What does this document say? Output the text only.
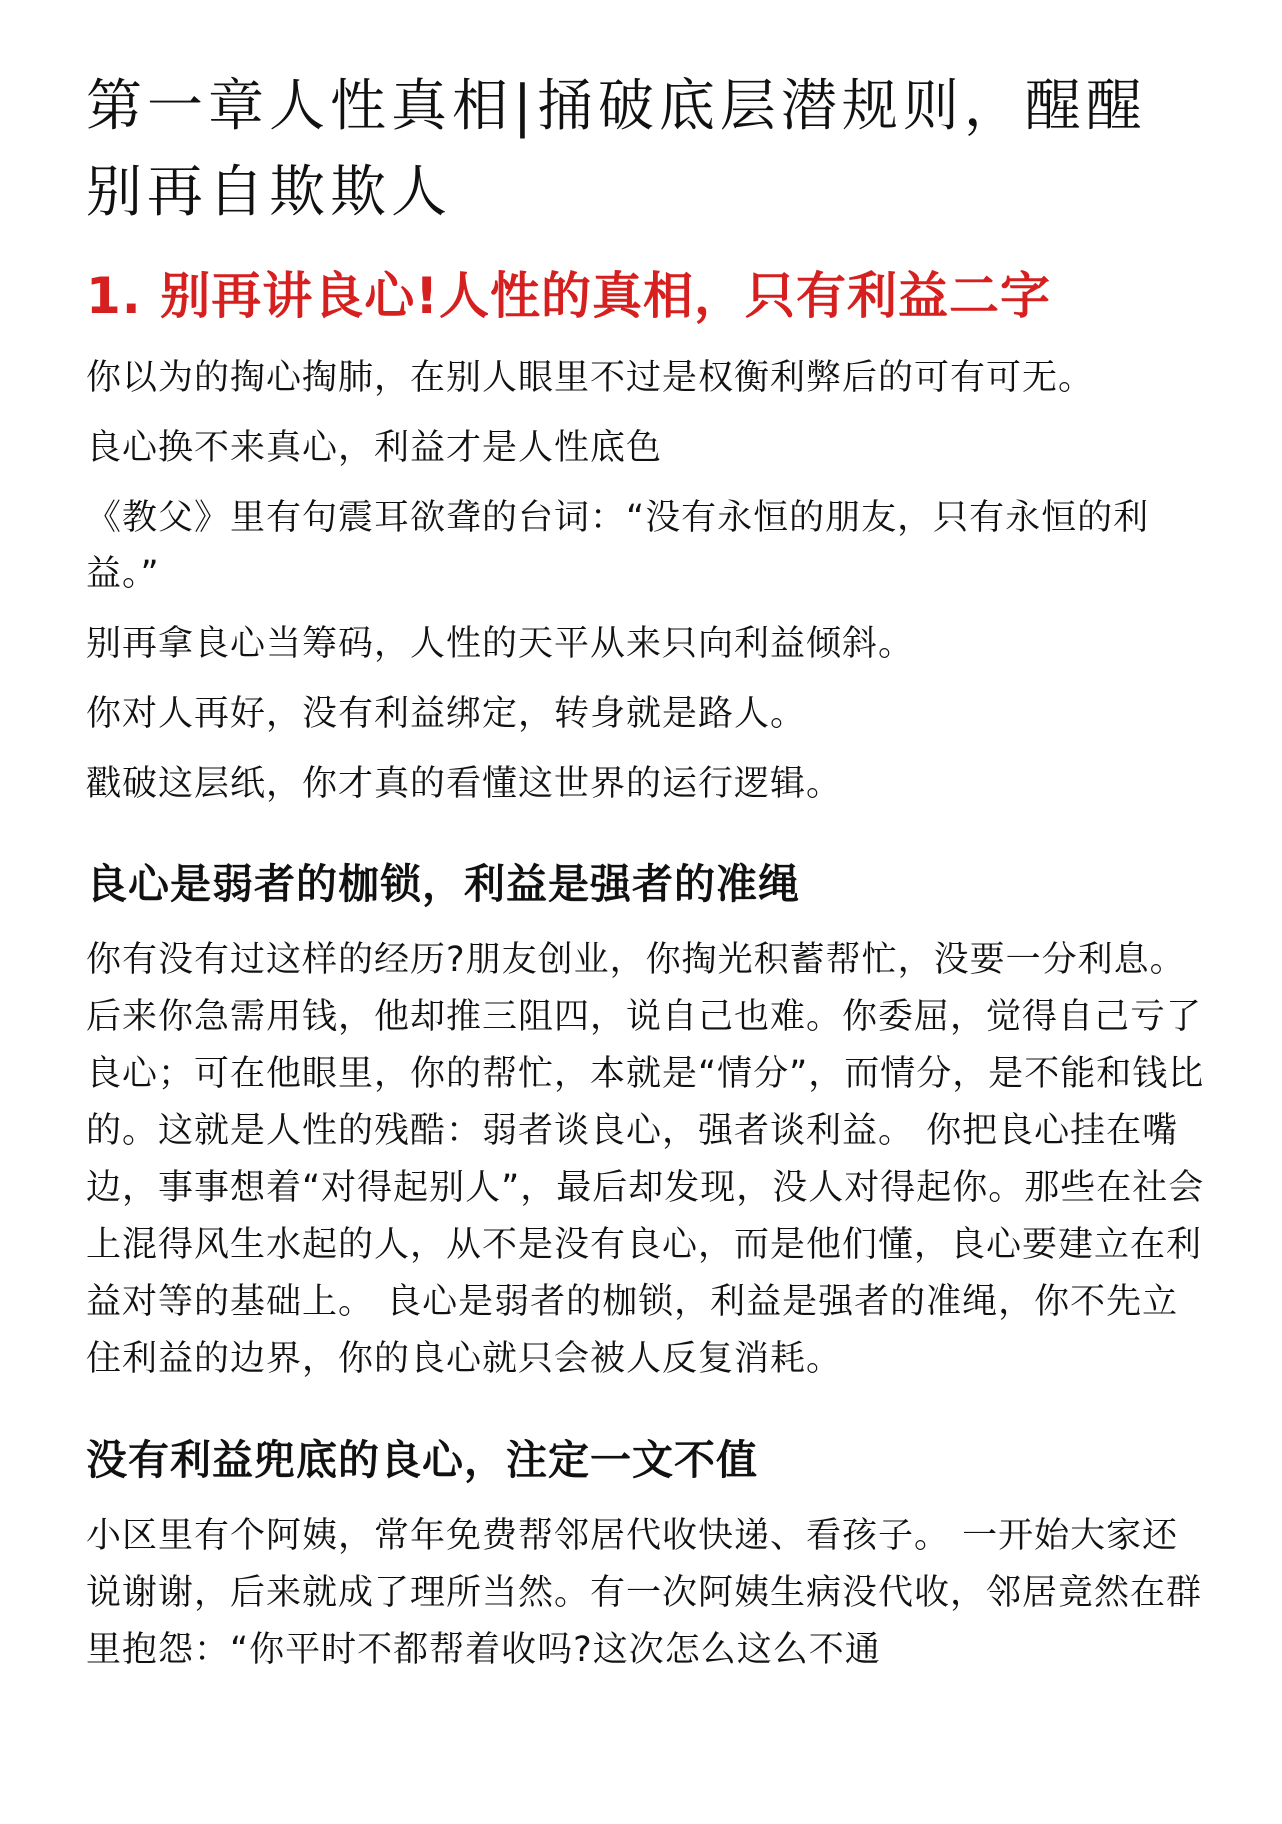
第一章人性真相|捅破底层潜规则，醒醒别再自欺欺人
1. 别再讲良心!人性的真相，只有利益二字

你以为的掏心掏肺，在别人眼里不过是权衡利弊后的可有可无。

良心换不来真心，利益才是人性底色

《教父》里有句震耳欲聋的台词：“没有永恒的朋友，只有永恒的利益。”

别再拿良心当筹码，人性的天平从来只向利益倾斜。

你对人再好，没有利益绑定，转身就是路人。

戳破这层纸，你才真的看懂这世界的运行逻辑。

良心是弱者的枷锁，利益是强者的准绳

你有没有过这样的经历?朋友创业，你掏光积蓄帮忙，没要一分利息。后来你急需用钱，他却推三阻四，说自己也难。你委屈，觉得自己亏了良心；可在他眼里，你的帮忙，本就是“情分”，而情分，是不能和钱比的。这就是人性的残酷：弱者谈良心，强者谈利益。 你把良心挂在嘴边，事事想着“对得起别人”，最后却发现，没人对得起你。那些在社会上混得风生水起的人，从不是没有良心，而是他们懂，良心要建立在利益对等的基础上。 良心是弱者的枷锁，利益是强者的准绳，你不先立住利益的边界，你的良心就只会被人反复消耗。

没有利益兜底的良心，注定一文不值

小区里有个阿姨，常年免费帮邻居代收快递、看孩子。 一开始大家还说谢谢，后来就成了理所当然。有一次阿姨生病没代收，邻居竟然在群里抱怨：“你平时不都帮着收吗?这次怎么这么不通
